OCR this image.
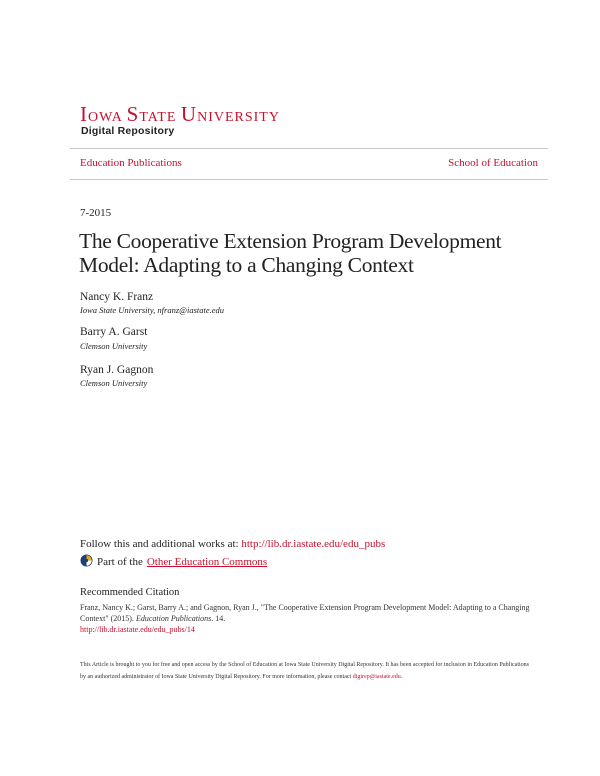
IOWA STATE UNIVERSITY
Digital Repository
Education Publications	School of Education
7-2015
The Cooperative Extension Program Development Model: Adapting to a Changing Context
Nancy K. Franz
Iowa State University, nfranz@iastate.edu
Barry A. Garst
Clemson University
Ryan J. Gagnon
Clemson University
Follow this and additional works at: http://lib.dr.iastate.edu/edu_pubs
Part of the Other Education Commons
Recommended Citation
Franz, Nancy K.; Garst, Barry A.; and Gagnon, Ryan J., "The Cooperative Extension Program Development Model: Adapting to a Changing Context" (2015). Education Publications. 14.
http://lib.dr.iastate.edu/edu_pubs/14
This Article is brought to you for free and open access by the School of Education at Iowa State University Digital Repository. It has been accepted for inclusion in Education Publications by an authorized administrator of Iowa State University Digital Repository. For more information, please contact digirep@iastate.edu.
